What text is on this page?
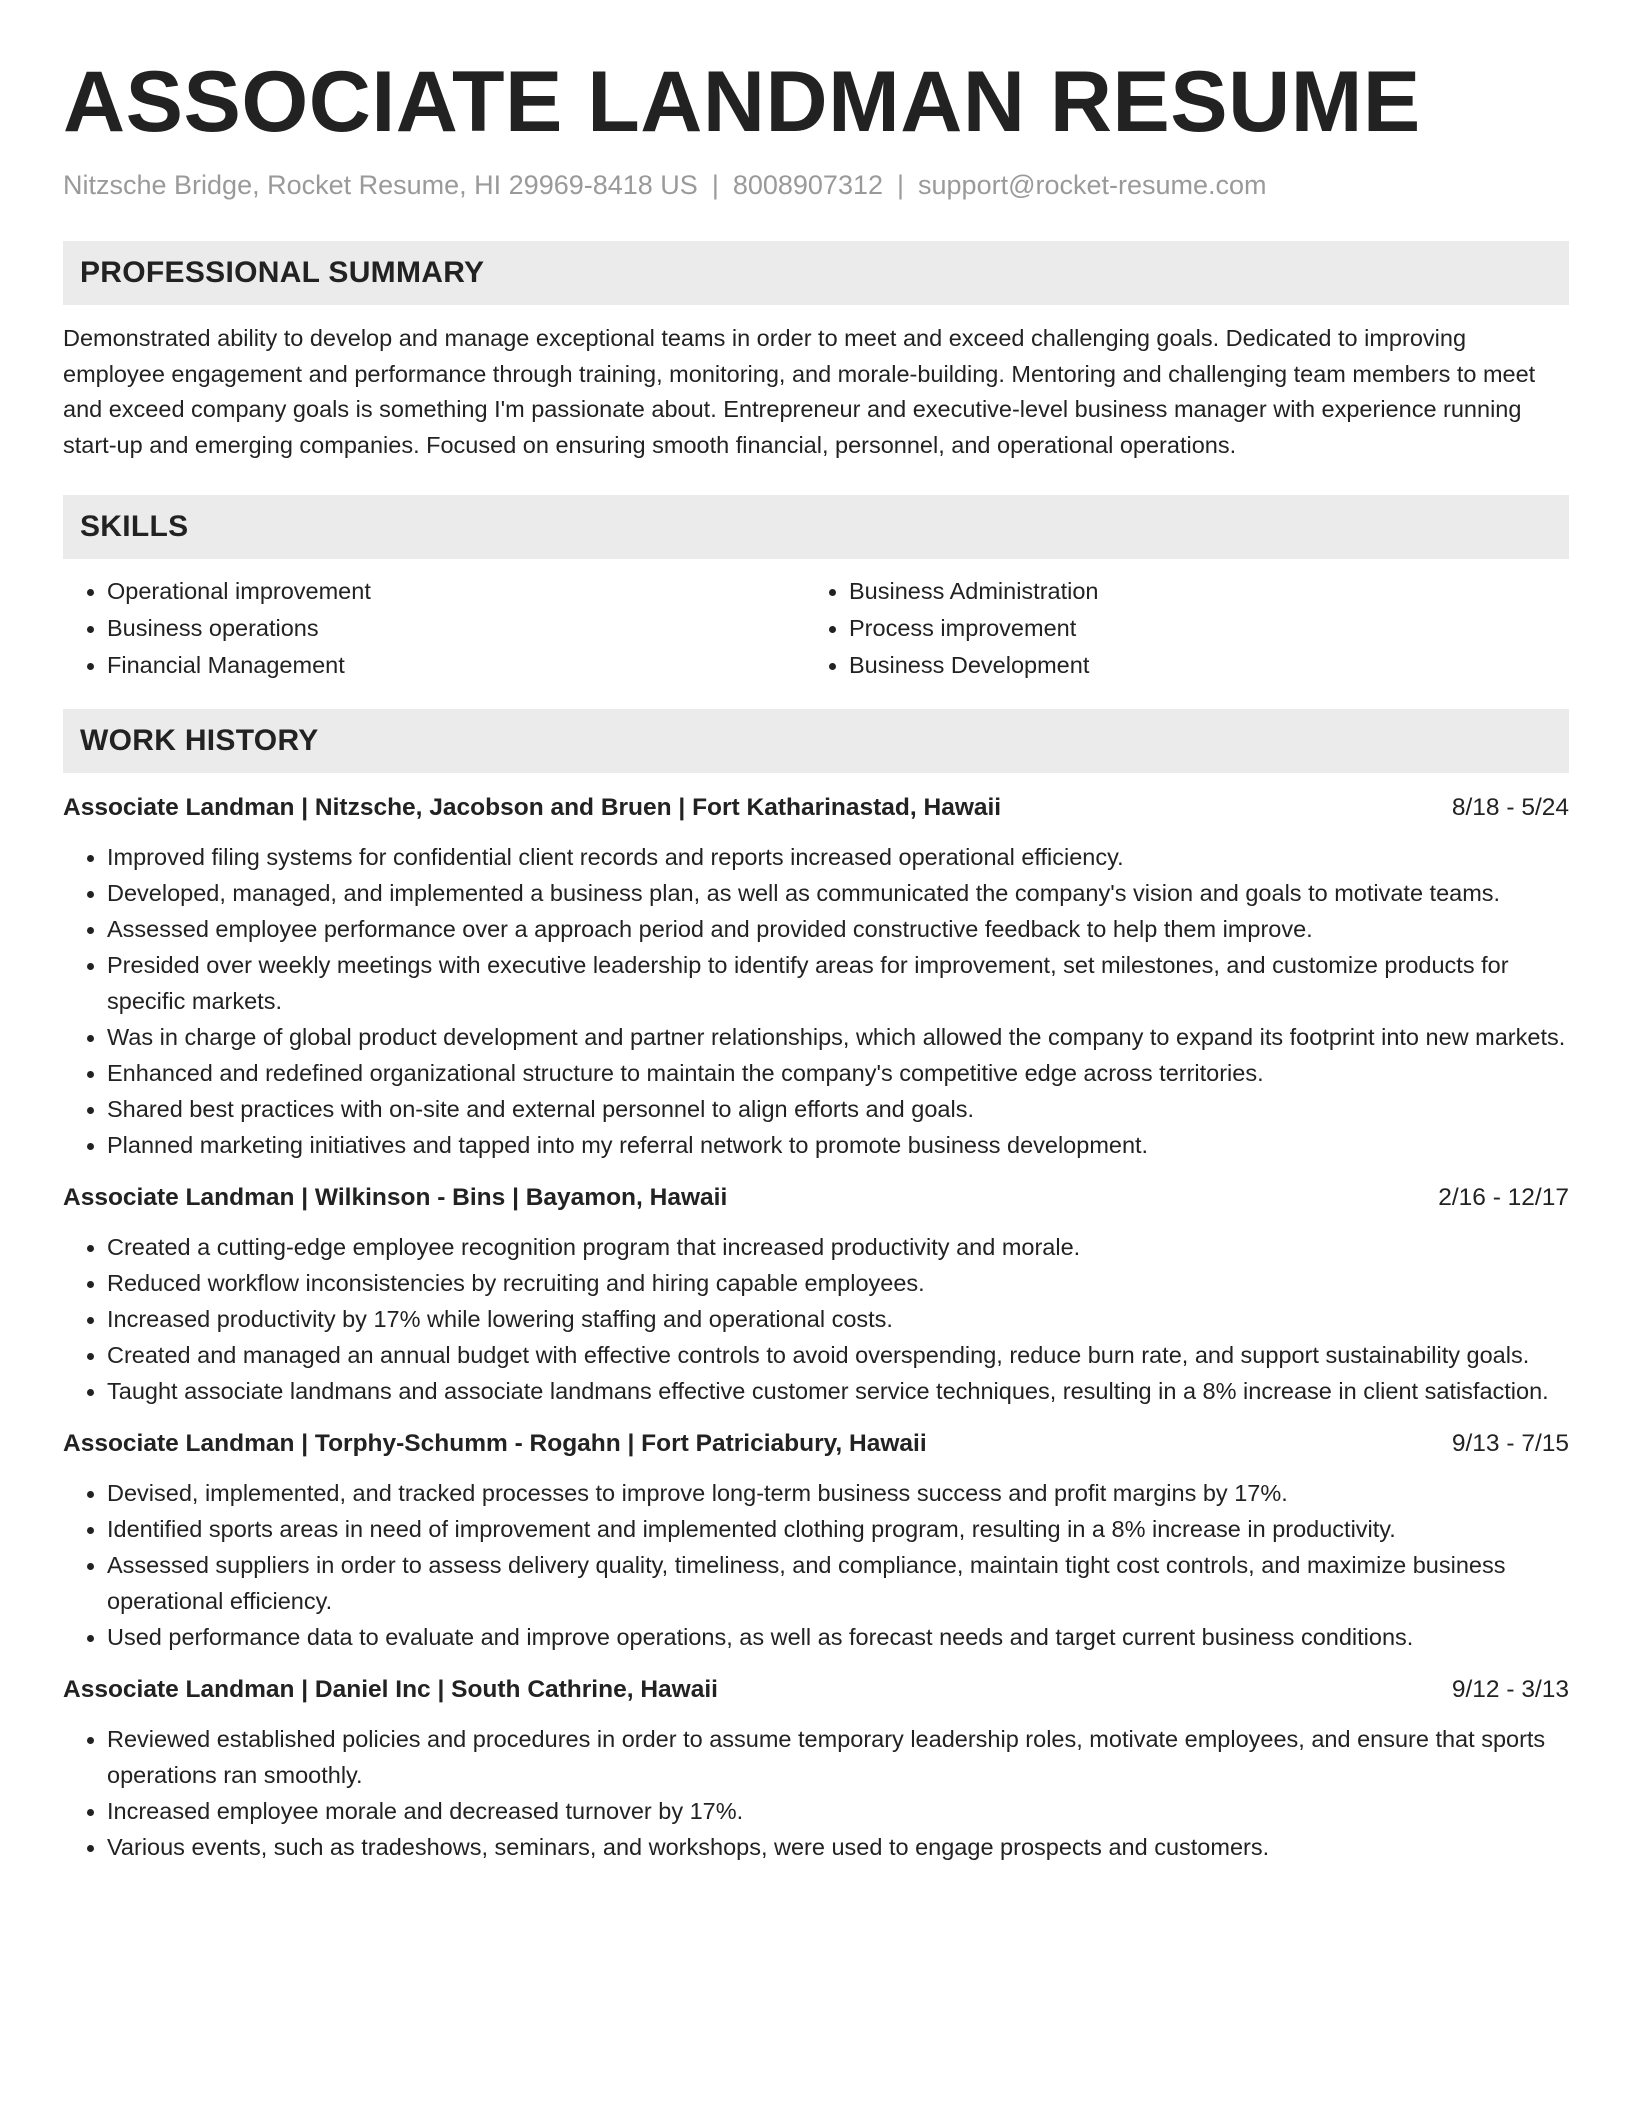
ASSOCIATE LANDMAN RESUME
Nitzsche Bridge, Rocket Resume, HI 29969-8418 US | 8008907312 | support@rocket-resume.com
PROFESSIONAL SUMMARY

Demonstrated ability to develop and manage exceptional teams in order to meet and exceed challenging goals. Dedicated to improving employee engagement and performance through training, monitoring, and morale-building. Mentoring and challenging team members to meet and exceed company goals is something I'm passionate about. Entrepreneur and executive-level business manager with experience running start-up and emerging companies. Focused on ensuring smooth financial, personnel, and operational operations.

SKILLS
• Operational improvement
• Business operations
• Financial Management
• Business Administration
• Process improvement
• Business Development
WORK HISTORY
Associate Landman | Nitzsche, Jacobson and Bruen | Fort Katharinastad, Hawaii	8/18 - 5/24
• Improved filing systems for confidential client records and reports increased operational efficiency.
• Developed, managed, and implemented a business plan, as well as communicated the company's vision and goals to motivate teams.
• Assessed employee performance over a approach period and provided constructive feedback to help them improve.
• Presided over weekly meetings with executive leadership to identify areas for improvement, set milestones, and customize products for specific markets.
• Was in charge of global product development and partner relationships, which allowed the company to expand its footprint into new markets.
• Enhanced and redefined organizational structure to maintain the company's competitive edge across territories.
• Shared best practices with on-site and external personnel to align efforts and goals.
• Planned marketing initiatives and tapped into my referral network to promote business development.
Associate Landman | Wilkinson - Bins | Bayamon, Hawaii	2/16 - 12/17
• Created a cutting-edge employee recognition program that increased productivity and morale.
• Reduced workflow inconsistencies by recruiting and hiring capable employees.
• Increased productivity by 17% while lowering staffing and operational costs.
• Created and managed an annual budget with effective controls to avoid overspending, reduce burn rate, and support sustainability goals.
• Taught associate landmans and associate landmans effective customer service techniques, resulting in a 8% increase in client satisfaction.
Associate Landman | Torphy-Schumm - Rogahn | Fort Patriciabury, Hawaii	9/13 - 7/15
• Devised, implemented, and tracked processes to improve long-term business success and profit margins by 17%.
• Identified sports areas in need of improvement and implemented clothing program, resulting in a 8% increase in productivity.
• Assessed suppliers in order to assess delivery quality, timeliness, and compliance, maintain tight cost controls, and maximize business operational efficiency.
• Used performance data to evaluate and improve operations, as well as forecast needs and target current business conditions.
Associate Landman | Daniel Inc | South Cathrine, Hawaii	9/12 - 3/13
• Reviewed established policies and procedures in order to assume temporary leadership roles, motivate employees, and ensure that sports operations ran smoothly.
• Increased employee morale and decreased turnover by 17%.
• Various events, such as tradeshows, seminars, and workshops, were used to engage prospects and customers.
